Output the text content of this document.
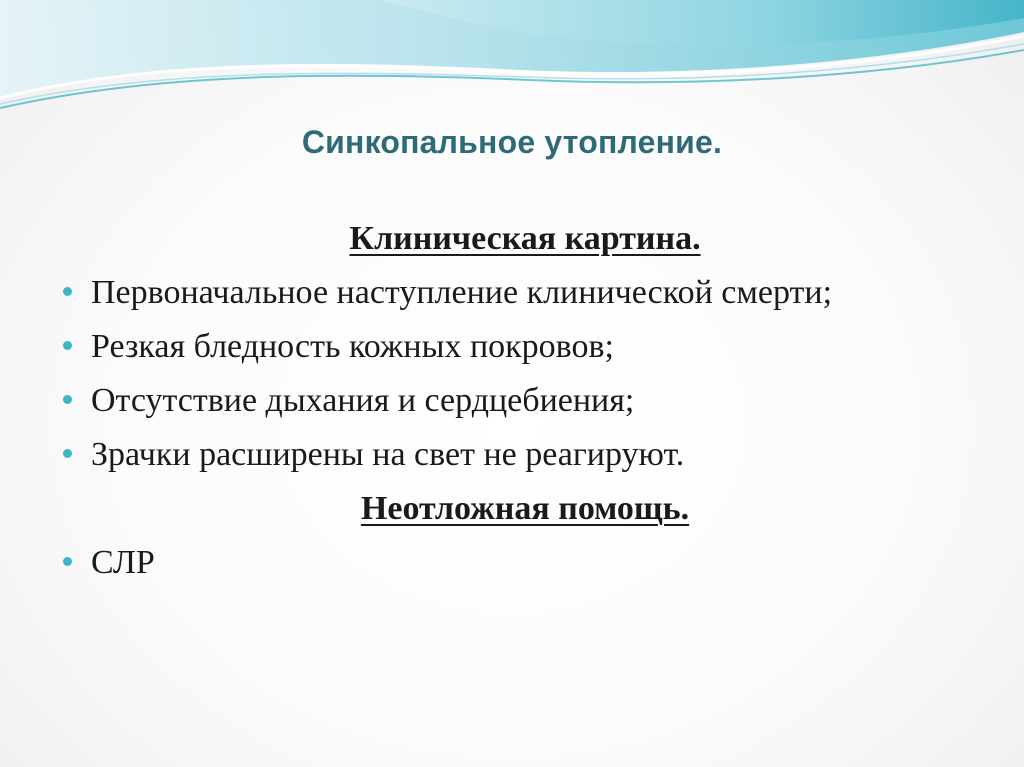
Синкопальное утопление.
Клиническая картина.
Первоначальное наступление клинической смерти;
Резкая бледность кожных покровов;
Отсутствие дыхания и сердцебиения;
Зрачки расширены на свет не реагируют.
Неотложная помощь.
СЛР
